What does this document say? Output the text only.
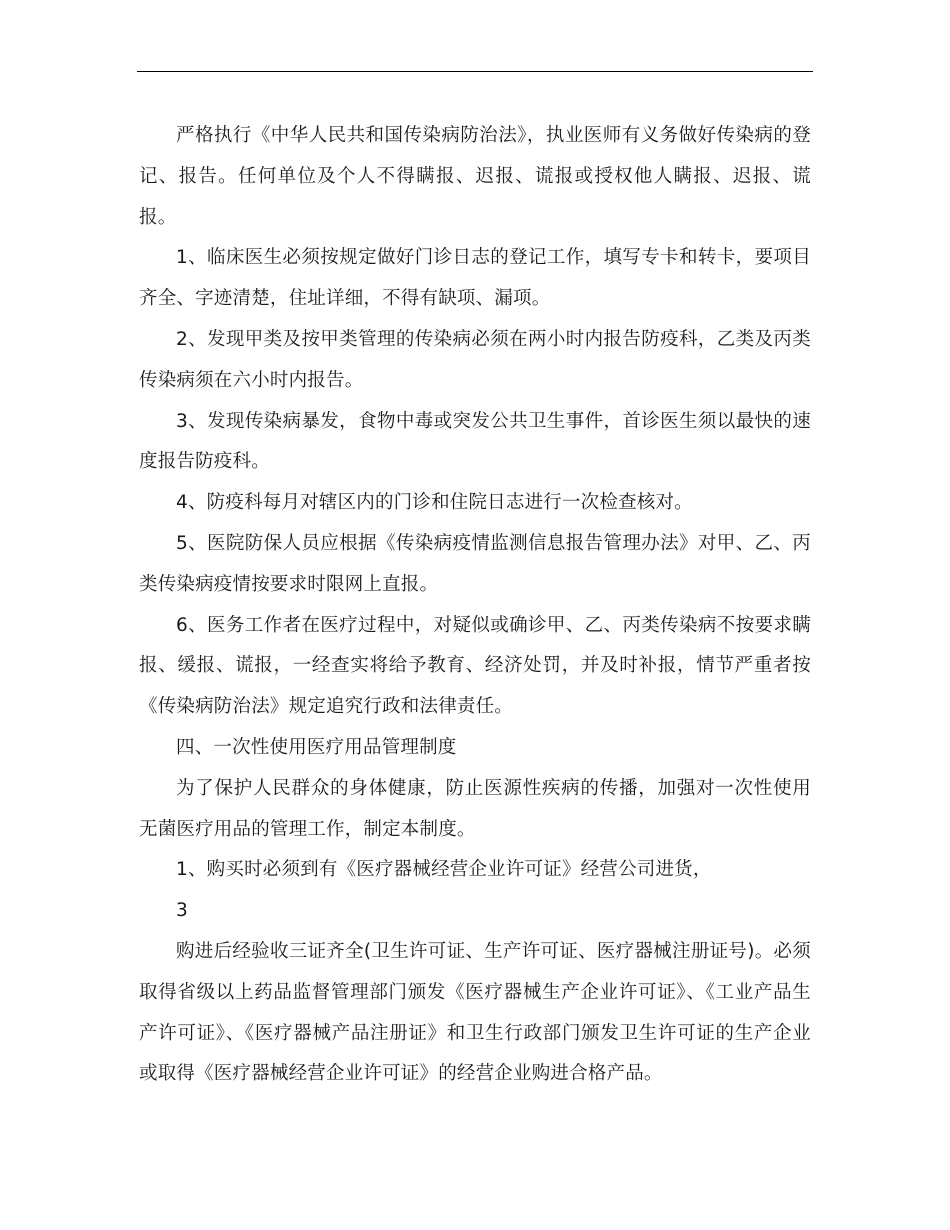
严格执行《中华人民共和国传染病防治法》，执业医师有义务做好传染病的登记、报告。任何单位及个人不得瞒报、迟报、谎报或授权他人瞒报、迟报、谎报。

1、临床医生必须按规定做好门诊日志的登记工作，填写专卡和转卡，要项目齐全、字迹清楚，住址详细，不得有缺项、漏项。

2、发现甲类及按甲类管理的传染病必须在两小时内报告防疫科，乙类及丙类传染病须在六小时内报告。

3、发现传染病暴发，食物中毒或突发公共卫生事件，首诊医生须以最快的速度报告防疫科。

4、防疫科每月对辖区内的门诊和住院日志进行一次检查核对。

5、医院防保人员应根据《传染病疫情监测信息报告管理办法》对甲、乙、丙类传染病疫情按要求时限网上直报。

6、医务工作者在医疗过程中，对疑似或确诊甲、乙、丙类传染病不按要求瞒报、缓报、谎报，一经查实将给予教育、经济处罚，并及时补报，情节严重者按《传染病防治法》规定追究行政和法律责任。

四、一次性使用医疗用品管理制度

为了保护人民群众的身体健康，防止医源性疾病的传播，加强对一次性使用无菌医疗用品的管理工作，制定本制度。

1、购买时必须到有《医疗器械经营企业许可证》经营公司进货，

3

购进后经验收三证齐全(卫生许可证、生产许可证、医疗器械注册证号)。必须取得省级以上药品监督管理部门颁发《医疗器械生产企业许可证》、《工业产品生产许可证》、《医疗器械产品注册证》和卫生行政部门颁发卫生许可证的生产企业或取得《医疗器械经营企业许可证》的经营企业购进合格产品。
